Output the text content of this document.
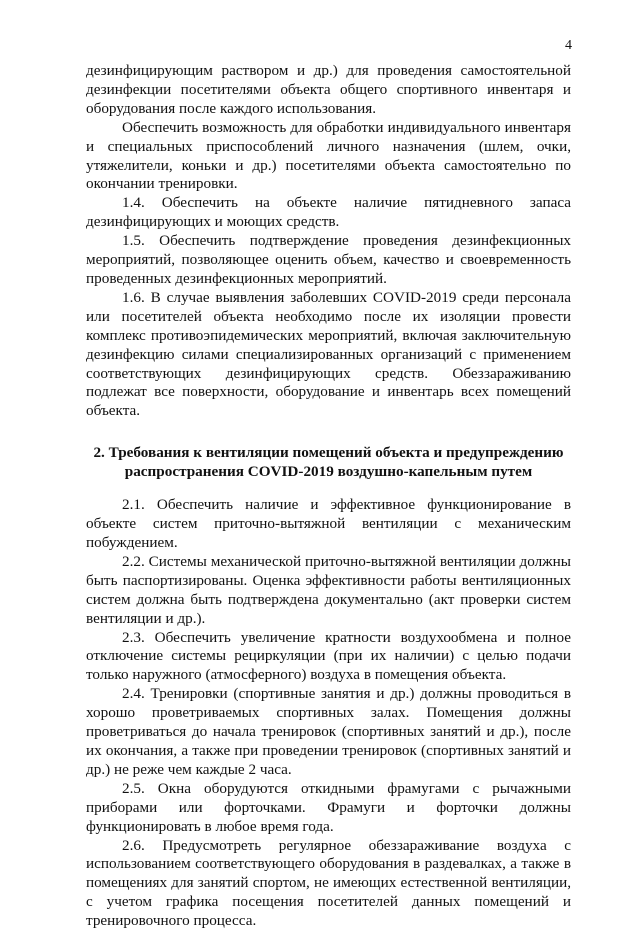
4

дезинфицирующим раствором и др.) для проведения самостоятельной дезинфекции посетителями объекта общего спортивного инвентаря и оборудования после каждого использования.

Обеспечить возможность для обработки индивидуального инвентаря и специальных приспособлений личного назначения (шлем, очки, утяжелители, коньки и др.) посетителями объекта самостоятельно по окончании тренировки.

1.4. Обеспечить на объекте наличие пятидневного запаса дезинфицирующих и моющих средств.

1.5. Обеспечить подтверждение проведения дезинфекционных мероприятий, позволяющее оценить объем, качество и своевременность проведенных дезинфекционных мероприятий.

1.6. В случае выявления заболевших COVID-2019 среди персонала или посетителей объекта необходимо после их изоляции провести комплекс противоэпидемических мероприятий, включая заключительную дезинфекцию силами специализированных организаций с применением соответствующих дезинфицирующих средств. Обеззараживанию подлежат все поверхности, оборудование и инвентарь всех помещений объекта.

2. Требования к вентиляции помещений объекта и предупреждению
распространения COVID-2019 воздушно-капельным путем

2.1. Обеспечить наличие и эффективное функционирование в объекте систем приточно-вытяжной вентиляции с механическим побуждением.

2.2. Системы механической приточно-вытяжной вентиляции должны быть паспортизированы. Оценка эффективности работы вентиляционных систем должна быть подтверждена документально (акт проверки систем вентиляции и др.).

2.3. Обеспечить увеличение кратности воздухообмена и полное отключение системы рециркуляции (при их наличии) с целью подачи только наружного (атмосферного) воздуха в помещения объекта.

2.4. Тренировки (спортивные занятия и др.) должны проводиться в хорошо проветриваемых спортивных залах. Помещения должны проветриваться до начала тренировок (спортивных занятий и др.), после их окончания, а также при проведении тренировок (спортивных занятий и др.) не реже чем каждые 2 часа.

2.5. Окна оборудуются откидными фрамугами с рычажными приборами или форточками. Фрамуги и форточки должны функционировать в любое время года.

2.6. Предусмотреть регулярное обеззараживание воздуха с использованием соответствующего оборудования в раздевалках, а также в помещениях для занятий спортом, не имеющих естественной вентиляции, с учетом графика посещения посетителей данных помещений и тренировочного процесса.
